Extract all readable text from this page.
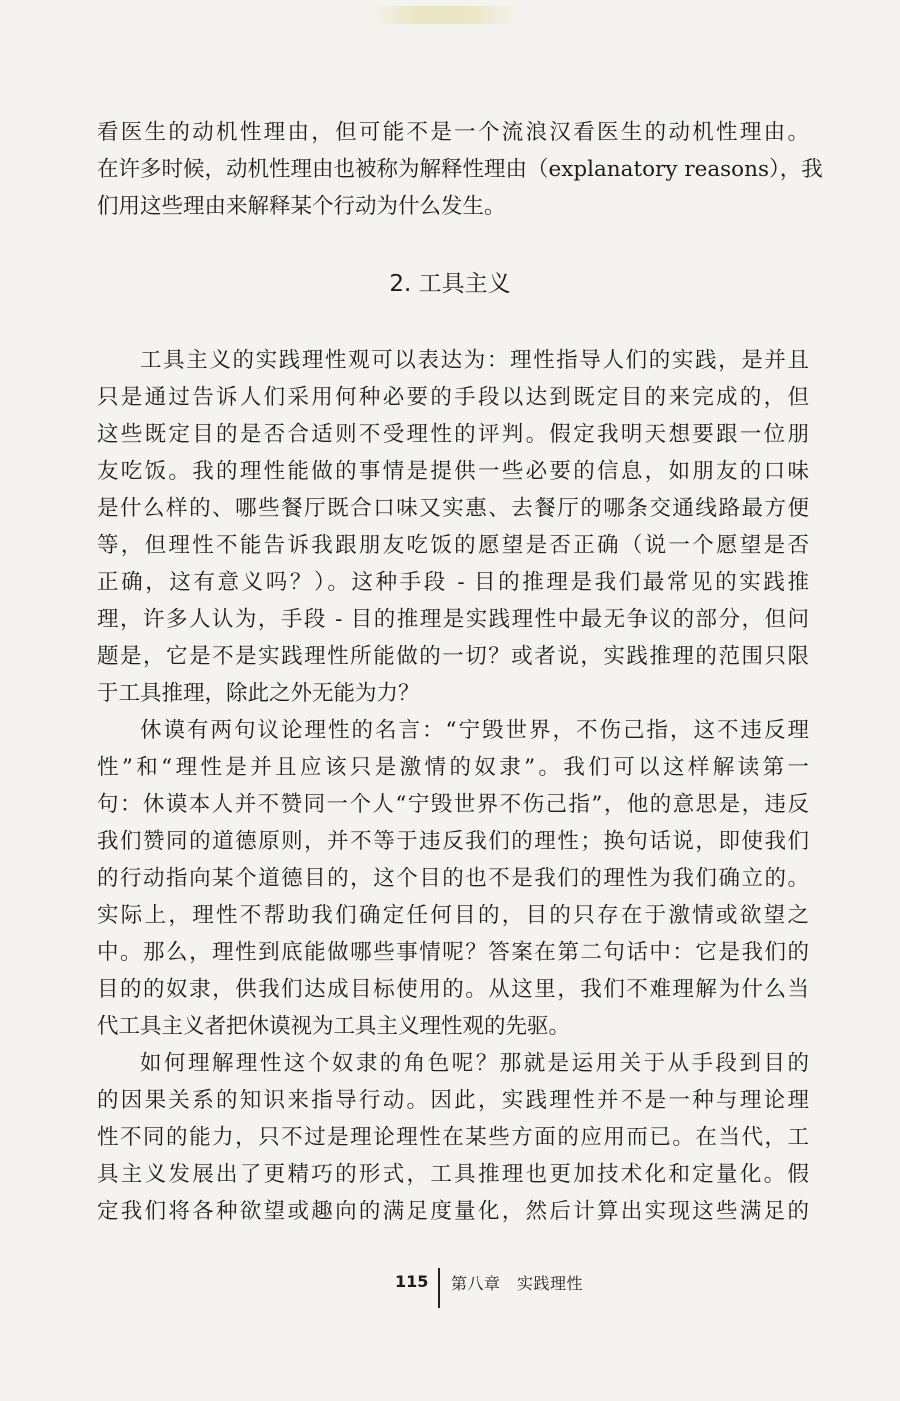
看医生的动机性理由，但可能不是一个流浪汉看医生的动机性理由。
在许多时候，动机性理由也被称为解释性理由（explanatory reasons），我
们用这些理由来解释某个行动为什么发生。
2. 工具主义
工具主义的实践理性观可以表达为：理性指导人们的实践，是并且
只是通过告诉人们采用何种必要的手段以达到既定目的来完成的，但
这些既定目的是否合适则不受理性的评判。假定我明天想要跟一位朋
友吃饭。我的理性能做的事情是提供一些必要的信息，如朋友的口味
是什么样的、哪些餐厅既合口味又实惠、去餐厅的哪条交通线路最方便
等，但理性不能告诉我跟朋友吃饭的愿望是否正确（说一个愿望是否
正确，这有意义吗？）。这种手段 - 目的推理是我们最常见的实践推
理，许多人认为，手段 - 目的推理是实践理性中最无争议的部分，但问
题是，它是不是实践理性所能做的一切？或者说，实践推理的范围只限
于工具推理，除此之外无能为力？
休谟有两句议论理性的名言：“宁毁世界，不伤己指，这不违反理
性”和“理性是并且应该只是激情的奴隶”。我们可以这样解读第一
句：休谟本人并不赞同一个人“宁毁世界不伤己指”，他的意思是，违反
我们赞同的道德原则，并不等于违反我们的理性；换句话说，即使我们
的行动指向某个道德目的，这个目的也不是我们的理性为我们确立的。
实际上，理性不帮助我们确定任何目的，目的只存在于激情或欲望之
中。那么，理性到底能做哪些事情呢？答案在第二句话中：它是我们的
目的的奴隶，供我们达成目标使用的。从这里，我们不难理解为什么当
代工具主义者把休谟视为工具主义理性观的先驱。
如何理解理性这个奴隶的角色呢？那就是运用关于从手段到目的
的因果关系的知识来指导行动。因此，实践理性并不是一种与理论理
性不同的能力，只不过是理论理性在某些方面的应用而已。在当代，工
具主义发展出了更精巧的形式，工具推理也更加技术化和定量化。假
定我们将各种欲望或趣向的满足度量化，然后计算出实现这些满足的
115 第八章　实践理性
